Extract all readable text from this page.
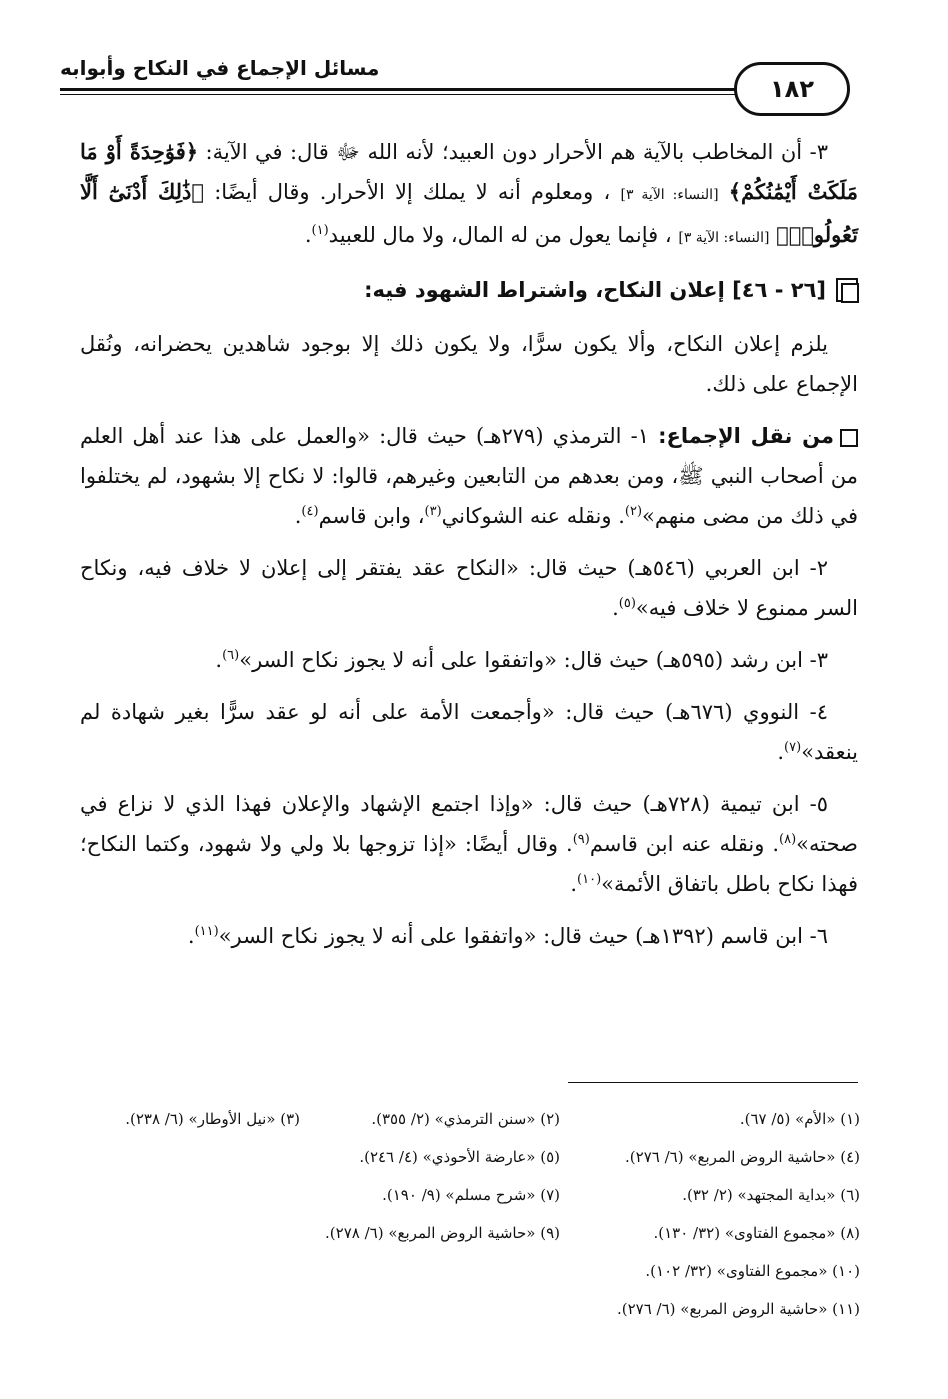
مسائل الإجماع في النكاح وأبوابه
١٨٢

٣- أن المخاطب بالآية هم الأحرار دون العبيد؛ لأنه الله ﷻ قال: في الآية: ﴿فَوَٰحِدَةً أَوْ مَا مَلَكَتْ أَيْمَٰنُكُمْ﴾ [النساء: الآية ٣] ، ومعلوم أنه لا يملك إلا الأحرار. وقال أيضًا: ﴿ذَٰلِكَ أَدْنَىٰٓ أَلَّا تَعُولُوا۟﴾ [النساء: الآية ٣] ، فإنما يعول من له المال، ولا مال للعبيد$^{(١)}$.

[٢٦ - ٤٦] إعلان النكاح، واشتراط الشهود فيه:

يلزم إعلان النكاح، وألا يكون سرًّا، ولا يكون ذلك إلا بوجود شاهدين يحضرانه، ونُقل الإجماع على ذلك.

من نقل الإجماع: ١- الترمذي (٢٧٩هـ) حيث قال: «والعمل على هذا عند أهل العلم من أصحاب النبي ﷺ، ومن بعدهم من التابعين وغيرهم، قالوا: لا نكاح إلا بشهود، لم يختلفوا في ذلك من مضى منهم»$^{(٢)}$. ونقله عنه الشوكاني$^{(٣)}$، وابن قاسم$^{(٤)}$.

٢- ابن العربي (٥٤٦هـ) حيث قال: «النكاح عقد يفتقر إلى إعلان لا خلاف فيه، ونكاح السر ممنوع لا خلاف فيه»$^{(٥)}$.

٣- ابن رشد (٥٩٥هـ) حيث قال: «واتفقوا على أنه لا يجوز نكاح السر»$^{(٦)}$.

٤- النووي (٦٧٦هـ) حيث قال: «وأجمعت الأمة على أنه لو عقد سرًّا بغير شهادة لم ينعقد»$^{(٧)}$.

٥- ابن تيمية (٧٢٨هـ) حيث قال: «وإذا اجتمع الإشهاد والإعلان فهذا الذي لا نزاع في صحته»$^{(٨)}$. ونقله عنه ابن قاسم$^{(٩)}$. وقال أيضًا: «إذا تزوجها بلا ولي ولا شهود، وكتما النكاح؛ فهذا نكاح باطل باتفاق الأئمة»$^{(١٠)}$.

٦- ابن قاسم (١٣٩٢هـ) حيث قال: «واتفقوا على أنه لا يجوز نكاح السر»$^{(١١)}$.

(١) «الأم» (٥/ ٦٧).
(٢) «سنن الترمذي» (٢/ ٣٥٥).
(٣) «نيل الأوطار» (٦/ ٢٣٨).
(٤) «حاشية الروض المربع» (٦/ ٢٧٦).
(٥) «عارضة الأحوذي» (٤/ ٢٤٦).
(٦) «بداية المجتهد» (٢/ ٣٢).
(٧) «شرح مسلم» (٩/ ١٩٠).
(٨) «مجموع الفتاوى» (٣٢/ ١٣٠).
(٩) «حاشية الروض المربع» (٦/ ٢٧٨).
(١٠) «مجموع الفتاوى» (٣٢/ ١٠٢).
(١١) «حاشية الروض المربع» (٦/ ٢٧٦).
